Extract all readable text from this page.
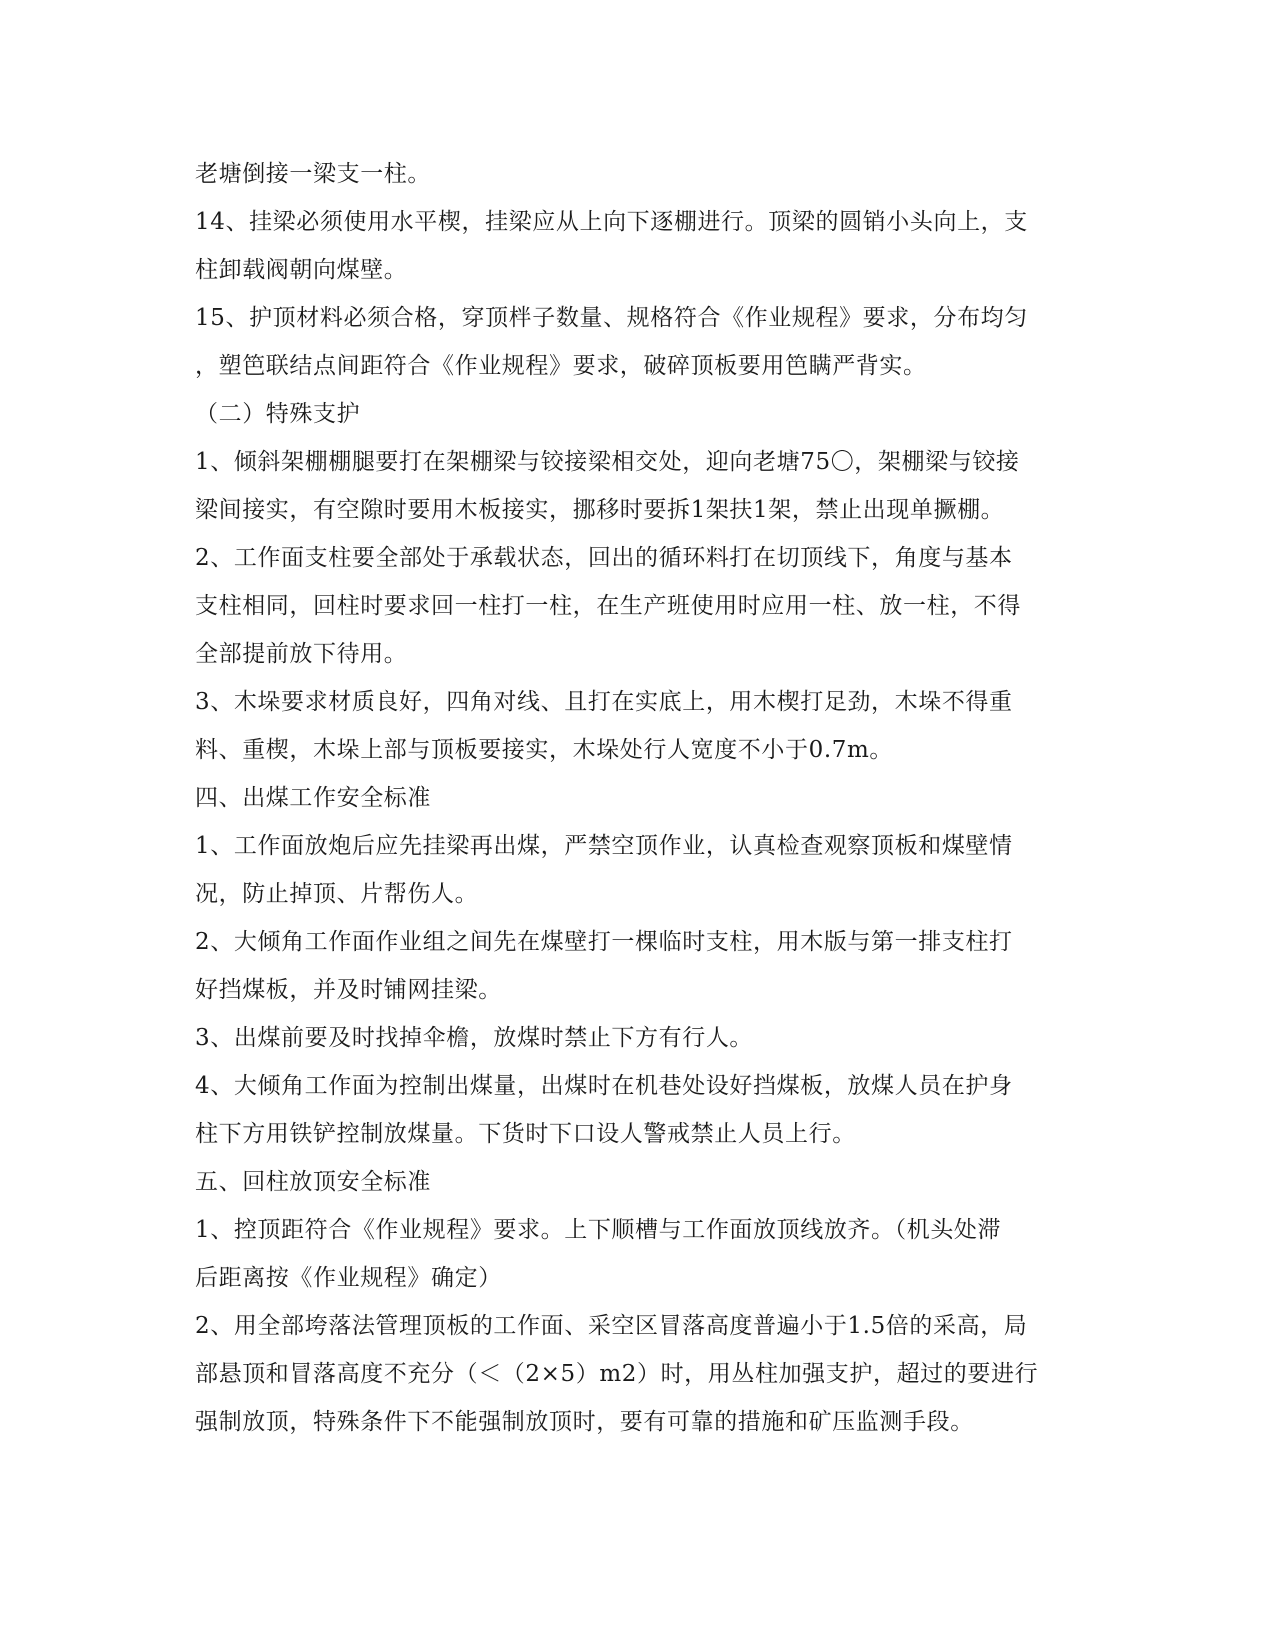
老塘倒接一梁支一柱。
14、挂梁必须使用水平楔，挂梁应从上向下逐棚进行。顶梁的圆销小头向上，支
柱卸载阀朝向煤壁。
15、护顶材料必须合格，穿顶柈子数量、规格符合《作业规程》要求，分布均匀
，塑笆联结点间距符合《作业规程》要求，破碎顶板要用笆瞒严背实。
（二）特殊支护
1、倾斜架棚棚腿要打在架棚梁与铰接梁相交处，迎向老塘75〇，架棚梁与铰接
梁间接实，有空隙时要用木板接实，挪移时要拆1架扶1架，禁止出现单撅棚。
2、工作面支柱要全部处于承载状态，回出的循环料打在切顶线下，角度与基本
支柱相同，回柱时要求回一柱打一柱，在生产班使用时应用一柱、放一柱，不得
全部提前放下待用。
3、木垛要求材质良好，四角对线、且打在实底上，用木楔打足劲，木垛不得重
料、重楔，木垛上部与顶板要接实，木垛处行人宽度不小于0.7m。
四、出煤工作安全标准
1、工作面放炮后应先挂梁再出煤，严禁空顶作业，认真检查观察顶板和煤壁情
况，防止掉顶、片帮伤人。
2、大倾角工作面作业组之间先在煤壁打一棵临时支柱，用木版与第一排支柱打
好挡煤板，并及时铺网挂梁。
3、出煤前要及时找掉伞檐，放煤时禁止下方有行人。
4、大倾角工作面为控制出煤量，出煤时在机巷处设好挡煤板，放煤人员在护身
柱下方用铁铲控制放煤量。下货时下口设人警戒禁止人员上行。
五、回柱放顶安全标准
1、控顶距符合《作业规程》要求。上下顺槽与工作面放顶线放齐。（机头处滞
后距离按《作业规程》确定）
2、用全部垮落法管理顶板的工作面、采空区冒落高度普遍小于1.5倍的采高，局
部悬顶和冒落高度不充分（＜（2×5）m2）时，用丛柱加强支护，超过的要进行
强制放顶，特殊条件下不能强制放顶时，要有可靠的措施和矿压监测手段。
